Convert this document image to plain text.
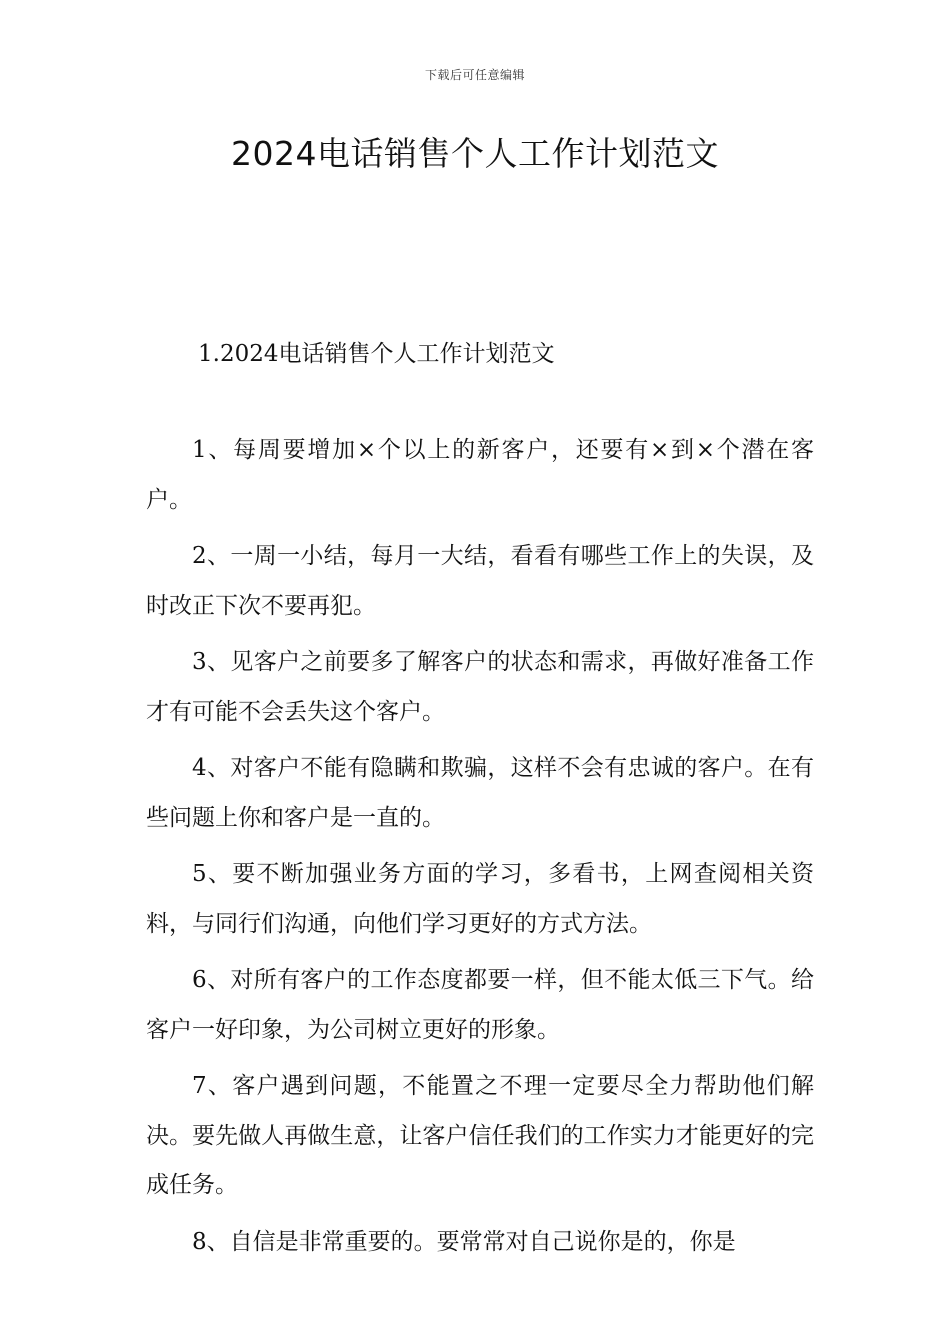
下载后可任意编辑
2024电话销售个人工作计划范文
1.2024电话销售个人工作计划范文

1、每周要增加×个以上的新客户，还要有×到×个潜在客户。

2、一周一小结，每月一大结，看看有哪些工作上的失误，及时改正下次不要再犯。

3、见客户之前要多了解客户的状态和需求，再做好准备工作才有可能不会丢失这个客户。

4、对客户不能有隐瞒和欺骗，这样不会有忠诚的客户。在有些问题上你和客户是一直的。

5、要不断加强业务方面的学习，多看书，上网查阅相关资料，与同行们沟通，向他们学习更好的方式方法。

6、对所有客户的工作态度都要一样，但不能太低三下气。给客户一好印象，为公司树立更好的形象。

7、客户遇到问题，不能置之不理一定要尽全力帮助他们解决。要先做人再做生意，让客户信任我们的工作实力才能更好的完成任务。

8、自信是非常重要的。要常常对自己说你是的，你是
